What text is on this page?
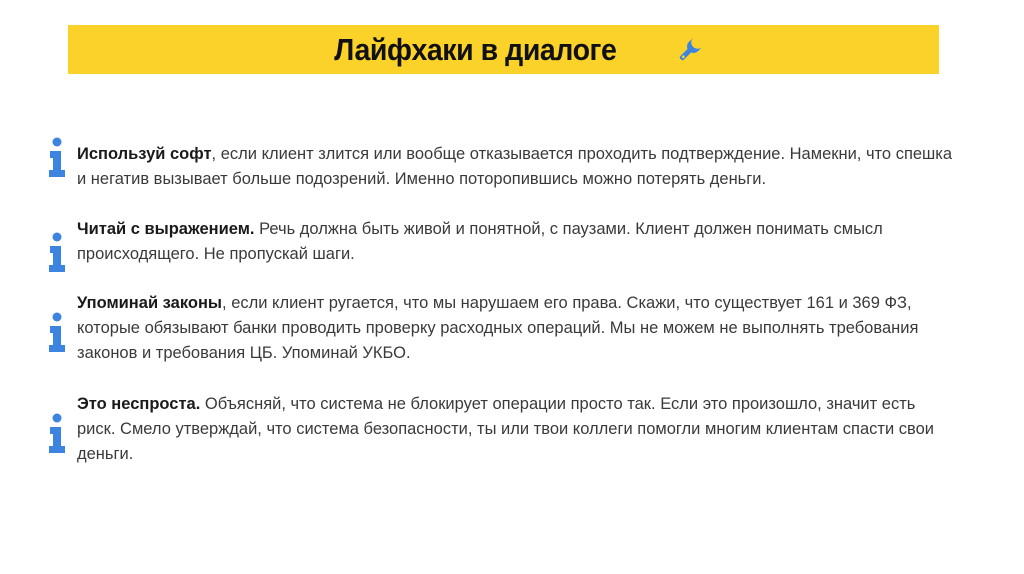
Лайфхаки в диалоге
Используй софт, если клиент злится или вообще отказывается проходить подтверждение. Намекни, что спешка и негатив вызывает больше подозрений. Именно поторопившись можно потерять деньги.
Читай с выражением. Речь должна быть живой и понятной, с паузами. Клиент должен понимать смысл происходящего. Не пропускай шаги.
Упоминай законы, если клиент ругается, что мы нарушаем его права. Скажи, что существует 161 и 369 ФЗ, которые обязывают банки проводить проверку расходных операций. Мы не можем не выполнять требования законов и требования ЦБ. Упоминай УКБО.
Это неспроста. Объясняй, что система не блокирует операции просто так. Если это произошло, значит есть риск. Смело утверждай, что система безопасности, ты или твои коллеги помогли многим клиентам спасти свои деньги.
